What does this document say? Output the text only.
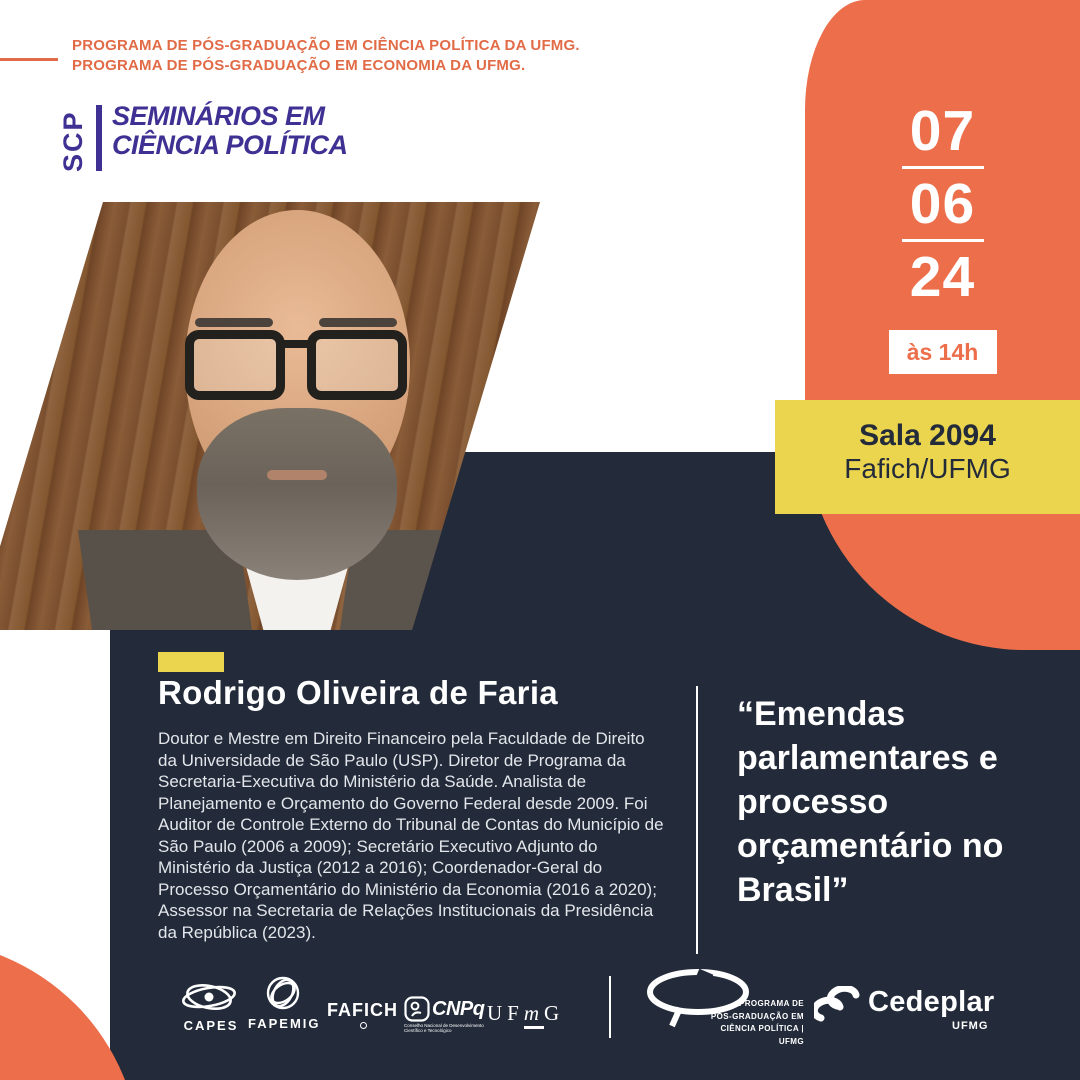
PROGRAMA DE PÓS-GRADUAÇÃO EM CIÊNCIA POLÍTICA DA UFMG.
PROGRAMA DE PÓS-GRADUAÇÃO EM ECONOMIA DA UFMG.
SCP SEMINÁRIOS EM
CIÊNCIA POLÍTICA	07
06
24
às 14h
Sala 2094
Fafich/UFMG
Rodrigo Oliveira de Faria
Doutor e Mestre em Direito Financeiro pela Faculdade de Direito da Universidade de São Paulo (USP). Diretor de Programa da Secretaria-Executiva do Ministério da Saúde. Analista de Planejamento e Orçamento do Governo Federal desde 2009. Foi Auditor de Controle Externo do Tribunal de Contas do Município de São Paulo (2006 a 2009); Secretário Executivo Adjunto do Ministério da Justiça (2012 a 2016); Coordenador-Geral do Processo Orçamentário do Ministério da Economia (2016 a 2020); Assessor na Secretaria de Relações Institucionais da Presidência da República (2023).
“Emendas parlamentares e processo orçamentário no Brasil”
CAPES FAPEMIG
FAFICH CNPq
Conselho Nacional de Desenvolvimento Científico e Tecnológico
UFmG	PROGRAMA DE
PÓS-GRADUAÇÃO EM
CIÊNCIA POLÍTICA | UFMG
Cedeplar
UFMG
